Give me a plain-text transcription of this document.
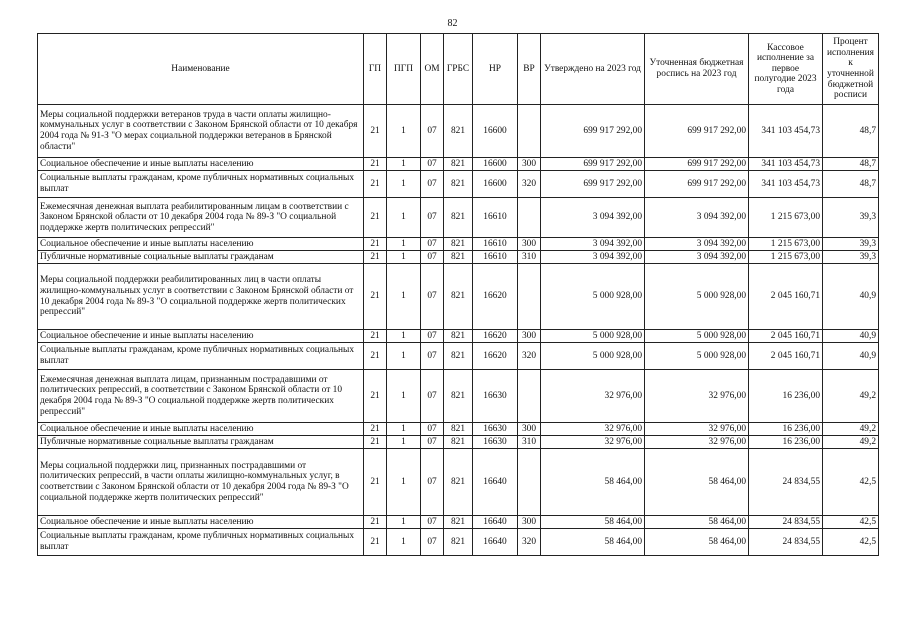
82
Наименование	ГП	ПГП	ОМ	ГРБС	НР	ВР	Утверждено на 2023 год	Уточненная бюджетная роспись на 2023 год	Кассовое исполнение за первое полугодие 2023 года	Процент исполнения к уточненной бюджетной росписи
Меры социальной поддержки ветеранов труда в части оплаты жилищно-коммунальных услуг в соответствии с Законом Брянской области от 10 декабря 2004 года № 91-З "О мерах социальной поддержки ветеранов в Брянской области"	21	1	07	821	16600		699 917 292,00	699 917 292,00	341 103 454,73	48,7
Социальное обеспечение и иные выплаты населению	21	1	07	821	16600	300	699 917 292,00	699 917 292,00	341 103 454,73	48,7
Социальные выплаты гражданам, кроме публичных нормативных социальных выплат	21	1	07	821	16600	320	699 917 292,00	699 917 292,00	341 103 454,73	48,7
Ежемесячная денежная выплата реабилитированным лицам в соответствии с Законом Брянской области от 10 декабря 2004 года № 89-З "О социальной поддержке жертв политических репрессий"	21	1	07	821	16610		3 094 392,00	3 094 392,00	1 215 673,00	39,3
Социальное обеспечение и иные выплаты населению	21	1	07	821	16610	300	3 094 392,00	3 094 392,00	1 215 673,00	39,3
Публичные нормативные социальные выплаты гражданам	21	1	07	821	16610	310	3 094 392,00	3 094 392,00	1 215 673,00	39,3
Меры социальной поддержки реабилитированных лиц в части оплаты жилищно-коммунальных услуг в соответствии с Законом Брянской области от 10 декабря 2004 года № 89-З "О социальной поддержке жертв политических репрессий"	21	1	07	821	16620		5 000 928,00	5 000 928,00	2 045 160,71	40,9
Социальное обеспечение и иные выплаты населению	21	1	07	821	16620	300	5 000 928,00	5 000 928,00	2 045 160,71	40,9
Социальные выплаты гражданам, кроме публичных нормативных социальных выплат	21	1	07	821	16620	320	5 000 928,00	5 000 928,00	2 045 160,71	40,9
Ежемесячная денежная выплата лицам, признанным пострадавшими от политических репрессий, в соответствии с Законом Брянской области от 10 декабря 2004 года № 89-З "О социальной поддержке жертв политических репрессий"	21	1	07	821	16630		32 976,00	32 976,00	16 236,00	49,2
Социальное обеспечение и иные выплаты населению	21	1	07	821	16630	300	32 976,00	32 976,00	16 236,00	49,2
Публичные нормативные социальные выплаты гражданам	21	1	07	821	16630	310	32 976,00	32 976,00	16 236,00	49,2
Меры социальной поддержки лиц, признанных пострадавшими от политических репрессий, в части оплаты жилищно-коммунальных услуг, в соответствии с Законом Брянской области от 10 декабря 2004 года № 89-З "О социальной поддержке жертв политических репрессий"	21	1	07	821	16640		58 464,00	58 464,00	24 834,55	42,5
Социальное обеспечение и иные выплаты населению	21	1	07	821	16640	300	58 464,00	58 464,00	24 834,55	42,5
Социальные выплаты гражданам, кроме публичных нормативных социальных выплат	21	1	07	821	16640	320	58 464,00	58 464,00	24 834,55	42,5
